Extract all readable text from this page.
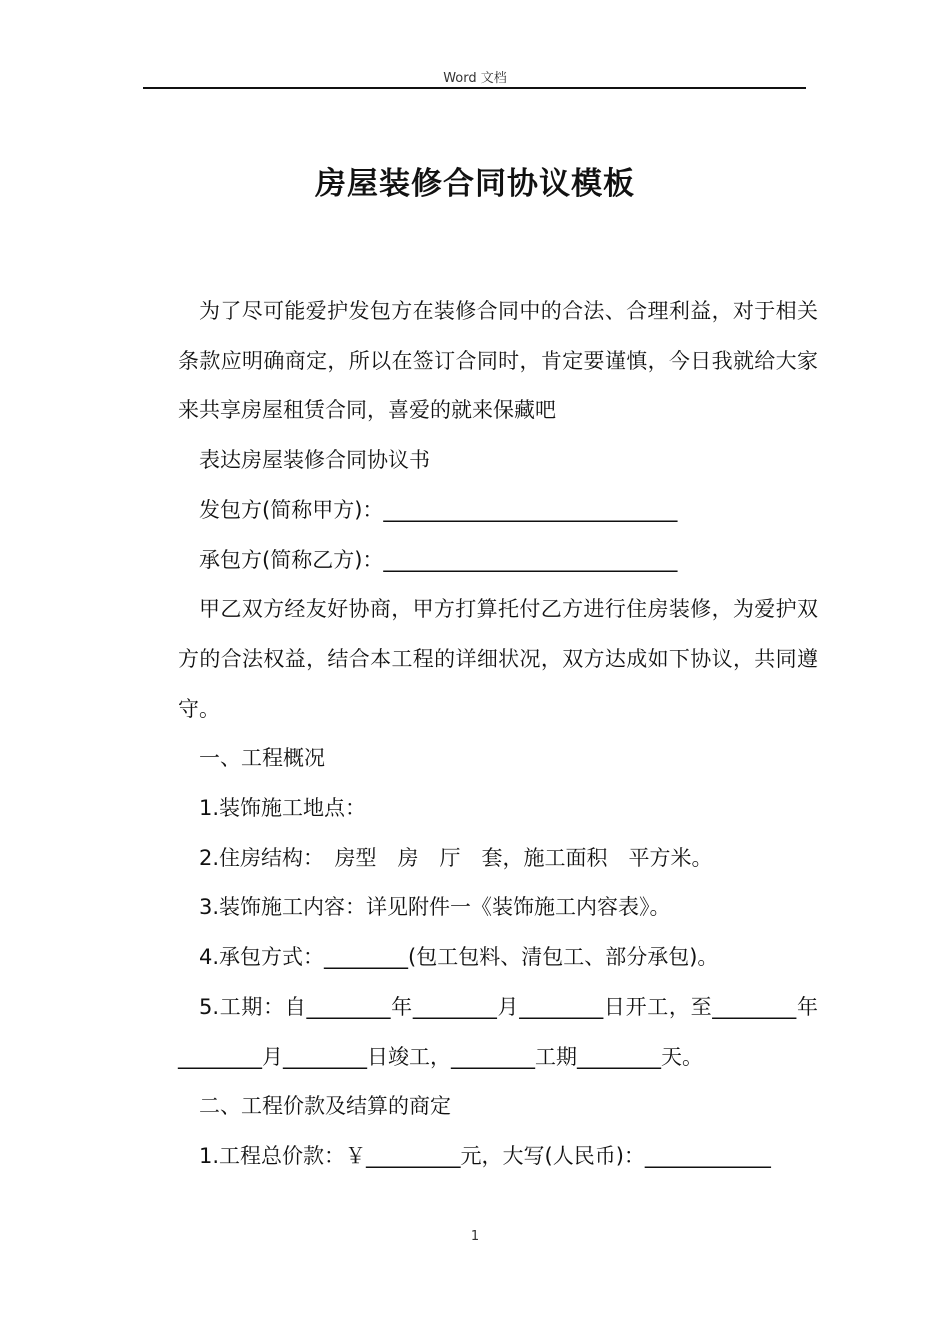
Word 文档
房屋装修合同协议模板

为了尽可能爱护发包方在装修合同中的合法、合理利益，对于相关条款应明确商定，所以在签订合同时，肯定要谨慎，今日我就给大家来共享房屋租赁合同，喜爱的就来保藏吧

表达房屋装修合同协议书

发包方(简称甲方)：____________________________

承包方(简称乙方)：____________________________

甲乙双方经友好协商，甲方打算托付乙方进行住房装修，为爱护双方的合法权益，结合本工程的详细状况，双方达成如下协议，共同遵守。

一、工程概况

1.装饰施工地点：

2.住房结构：　房型　房　厅　套，施工面积　平方米。

3.装饰施工内容：详见附件一《装饰施工内容表》。

4.承包方式：________(包工包料、清包工、部分承包)。

5.工期：自________年________月________日开工，至________年________月________日竣工，________工期________天。

二、工程价款及结算的商定

1.工程总价款：￥_________元，大写(人民币)：____________

1
